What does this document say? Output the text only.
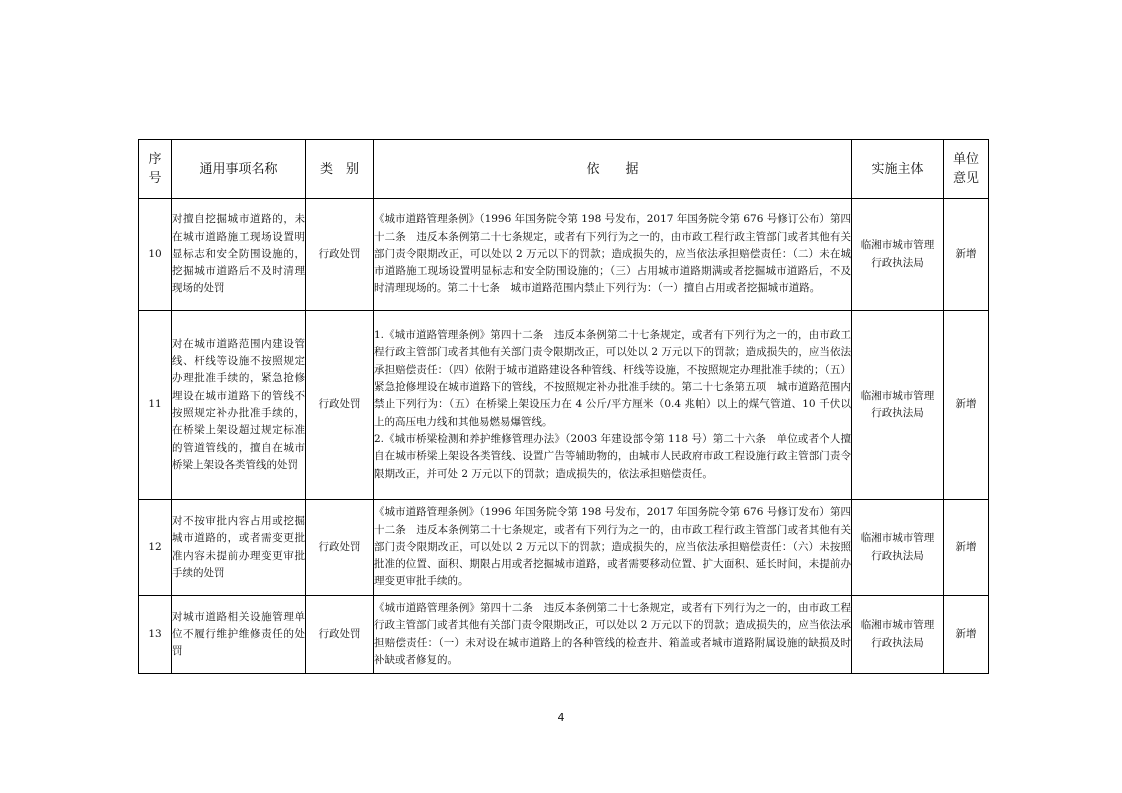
序
号	通用事项名称	类　别	依　　据	实施主体	单位
意见

10	对擅自挖掘城市道路的，未在城市道路施工现场设置明显标志和安全防围设施的，挖掘城市道路后不及时清理现场的处罚	行政处罚	《城市道路管理条例》（1996 年国务院令第 198 号发布，2017 年国务院令第 676 号修订公布）第四十二条　违反本条例第二十七条规定，或者有下列行为之一的，由市政工程行政主管部门或者其他有关部门责令限期改正，可以处以 2 万元以下的罚款；造成损失的，应当依法承担赔偿责任：（二）未在城市道路施工现场设置明显标志和安全防围设施的；（三）占用城市道路期满或者挖掘城市道路后，不及时清理现场的。第二十七条　城市道路范围内禁止下列行为：（一）擅自占用或者挖掘城市道路。	临湘市城市管理行政执法局	新增
11	对在城市道路范围内建设管线、杆线等设施不按照规定办理批准手续的，紧急抢修埋设在城市道路下的管线不按照规定补办批准手续的，在桥梁上架设超过规定标准的管道管线的，擅自在城市桥梁上架设各类管线的处罚	行政处罚	1.《城市道路管理条例》第四十二条　违反本条例第二十七条规定，或者有下列行为之一的，由市政工程行政主管部门或者其他有关部门责令限期改正，可以处以 2 万元以下的罚款；造成损失的，应当依法承担赔偿责任：（四）依附于城市道路建设各种管线、杆线等设施，不按照规定办理批准手续的；（五）紧急抢修埋设在城市道路下的管线，不按照规定补办批准手续的。第二十七条第五项　城市道路范围内禁止下列行为：（五）在桥梁上架设压力在 4 公斤/平方厘米（0.4 兆帕）以上的煤气管道、10 千伏以上的高压电力线和其他易燃易爆管线。
2.《城市桥梁检测和养护维修管理办法》（2003 年建设部令第 118 号）第二十六条　单位或者个人擅自在城市桥梁上架设各类管线、设置广告等辅助物的，由城市人民政府市政工程设施行政主管部门责令限期改正，并可处 2 万元以下的罚款；造成损失的，依法承担赔偿责任。	临湘市城市管理行政执法局	新增
12	对不按审批内容占用或挖掘城市道路的，或者需变更批准内容未提前办理变更审批手续的处罚	行政处罚	《城市道路管理条例》（1996 年国务院令第 198 号发布，2017 年国务院令第 676 号修订发布）第四十二条　违反本条例第二十七条规定，或者有下列行为之一的，由市政工程行政主管部门或者其他有关部门责令限期改正，可以处以 2 万元以下的罚款；造成损失的，应当依法承担赔偿责任：（六）未按照批准的位置、面积、期限占用或者挖掘城市道路，或者需要移动位置、扩大面积、延长时间，未提前办理变更审批手续的。	临湘市城市管理行政执法局	新增
13	对城市道路相关设施管理单位不履行维护维修责任的处罚	行政处罚	《城市道路管理条例》第四十二条　违反本条例第二十七条规定，或者有下列行为之一的，由市政工程行政主管部门或者其他有关部门责令限期改正，可以处以 2 万元以下的罚款；造成损失的，应当依法承担赔偿责任：（一）未对设在城市道路上的各种管线的检查井、箱盖或者城市道路附属设施的缺损及时补缺或者修复的。	临湘市城市管理行政执法局	新增
4
